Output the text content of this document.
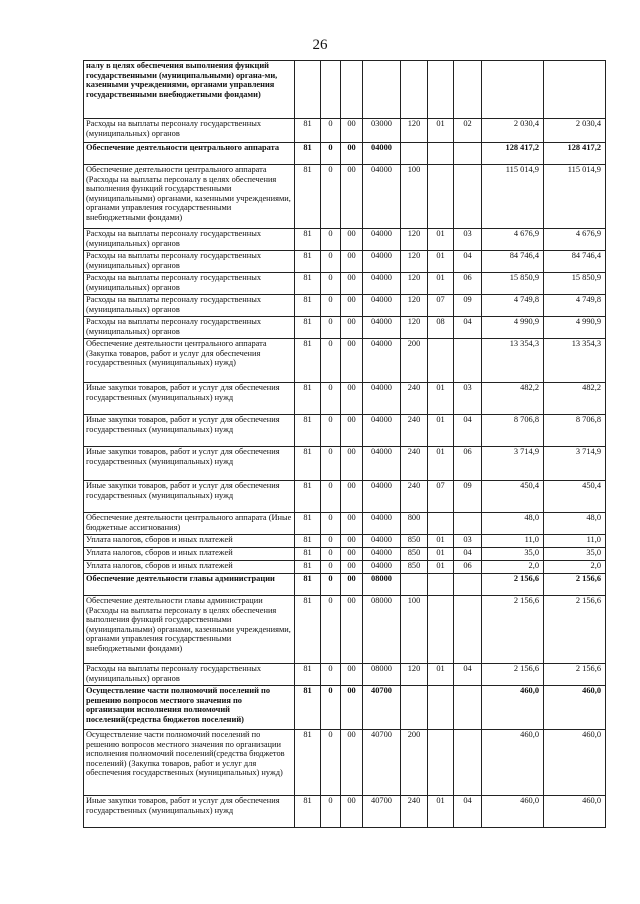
26
налу в целях обеспечения выполнения функций государственными (муниципальными) органа-ми, казенными учреждениями, органами управления государственными внебюджетными фондами)									
Расходы на выплаты персоналу государственных (муниципальных) органов	81	0	00	03000	120	01	02	2 030,4	2 030,4
Обеспечение деятельности центрального аппарата	81	0	00	04000				128 417,2	128 417,2
Обеспечение деятельности центрального аппарата (Расходы на выплаты персоналу в целях обеспечения выполнения функций государственными (муниципальными) органами, казенными учреждениями, органами управления государственными внебюджетными фондами)	81	0	00	04000	100			115 014,9	115 014,9
Расходы на выплаты персоналу государственных (муниципальных) органов	81	0	00	04000	120	01	03	4 676,9	4 676,9
Расходы на выплаты персоналу государственных (муниципальных) органов	81	0	00	04000	120	01	04	84 746,4	84 746,4
Расходы на выплаты персоналу государственных (муниципальных) органов	81	0	00	04000	120	01	06	15 850,9	15 850,9
Расходы на выплаты персоналу государственных (муниципальных) органов	81	0	00	04000	120	07	09	4 749,8	4 749,8
Расходы на выплаты персоналу государственных (муниципальных) органов	81	0	00	04000	120	08	04	4 990,9	4 990,9
Обеспечение деятельности центрального аппарата (Закупка товаров, работ и услуг для обеспечения государственных (муниципальных) нужд)	81	0	00	04000	200			13 354,3	13 354,3
Иные закупки товаров, работ и услуг для обеспечения государственных (муниципальных) нужд	81	0	00	04000	240	01	03	482,2	482,2
Иные закупки товаров, работ и услуг для обеспечения государственных (муниципальных) нужд	81	0	00	04000	240	01	04	8 706,8	8 706,8
Иные закупки товаров, работ и услуг для обеспечения государственных (муниципальных) нужд	81	0	00	04000	240	01	06	3 714,9	3 714,9
Иные закупки товаров, работ и услуг для обеспечения государственных (муниципальных) нужд	81	0	00	04000	240	07	09	450,4	450,4
Обеспечение деятельности центрального аппарата (Иные бюджетные ассигнования)	81	0	00	04000	800			48,0	48,0
Уплата налогов, сборов и иных платежей	81	0	00	04000	850	01	03	11,0	11,0
Уплата налогов, сборов и иных платежей	81	0	00	04000	850	01	04	35,0	35,0
Уплата налогов, сборов и иных платежей	81	0	00	04000	850	01	06	2,0	2,0
Обеспечение деятельности главы администрации	81	0	00	08000				2 156,6	2 156,6
Обеспечение деятельности главы администрации (Расходы на выплаты персоналу в целях обеспечения выполнения функций государственными (муниципальными) органами, казенными учреждениями, органами управления государственными внебюджетными фондами)	81	0	00	08000	100			2 156,6	2 156,6
Расходы на выплаты персоналу государственных (муниципальных) органов	81	0	00	08000	120	01	04	2 156,6	2 156,6
Осуществление части полномочий поселений по решению вопросов местного значения по организации исполнения полномочий поселений(средства бюджетов поселений)	81	0	00	40700				460,0	460,0
Осуществление части полномочий поселений по решению вопросов местного значения по организации исполнения полномочий поселений(средства бюджетов поселений) (Закупка товаров, работ и услуг для обеспечения государственных (муниципальных) нужд)	81	0	00	40700	200			460,0	460,0
Иные закупки товаров, работ и услуг для обеспечения государственных (муниципальных) нужд	81	0	00	40700	240	01	04	460,0	460,0
